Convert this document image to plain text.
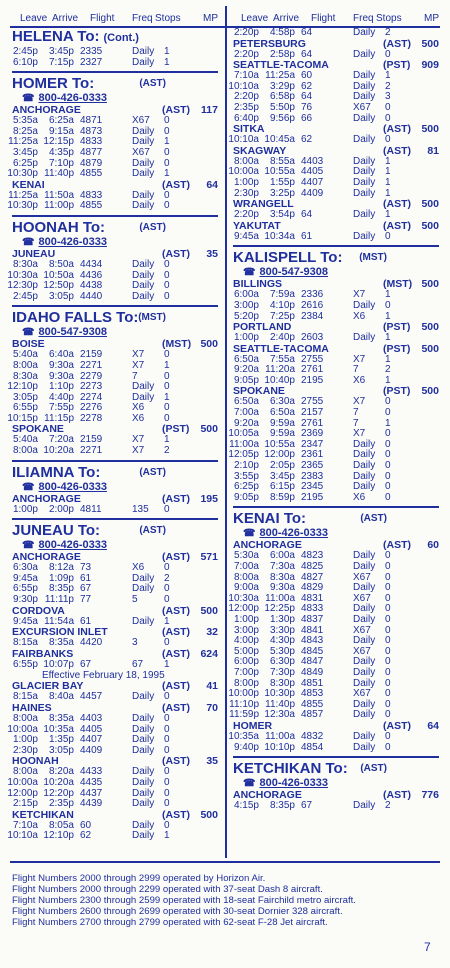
Leave Arrive Flight Freq Stops MP Leave Arrive Flight Freq Stops MP
HELENA To: (Cont.)
2:45p 3:45p 2335	Daily 1
6:10p 7:15p 2327	Daily 1
HOMER To:	(AST)
☎ 800-426-0333
ANCHORAGE	(AST) 117
5:35a 6:25a 4871	X67 0
8:25a 9:15a 4873	Daily 0
11:25a 12:15p 4833	Daily 1
3:45p 4:35p 4877	X67 0
6:25p 7:10p 4879	Daily 0
10:30p 11:40p 4855	Daily 1
KENAI	(AST) 64
11:25a 11:50a 4833	Daily 0
10:30p 11:00p 4855	Daily 0
HOONAH To:	(AST)
☎ 800-426-0333
JUNEAU	(AST) 35
8:30a 8:50a 4434	Daily 0
10:30a 10:50a 4436	Daily 0
12:30p 12:50p 4438	Daily 0
2:45p 3:05p 4440	Daily 0
IDAHO FALLS To: (MST)
☎ 800-547-9308
BOISE	(MST) 500
5:40a 6:40a 2159	X7 0
8:00a 9:30a 2271	X7 1
8:30a 9:30a 2279	7	0
12:10p 1:10p 2273	Daily 0
3:05p 4:40p 2274	Daily 1
6:55p 7:55p 2276	X6 0
10:15p 11:15p 2278	X6 0
SPOKANE	(PST) 500
5:40a 7:20a 2159	X7 1
8:00a 10:20a 2271	X7 2
ILIAMNA To:	(AST)
☎ 800-426-0333
ANCHORAGE	(AST) 195
1:00p 2:00p 4811	135 0
JUNEAU To:	(AST)
☎ 800-426-0333
ANCHORAGE	(AST) 571
6:30a 8:12a 73	X6 0
9:45a 1:09p 61	Daily 2
6:55p 8:35p 67	Daily 0
9:30p 11:11p 77	5	0
CORDOVA	(AST) 500
9:45a 11:54a 61	Daily 1
EXCURSION INLET	(AST) 32
8:15a 8:35a 4420	3	0
FAIRBANKS	(AST) 624
6:55p 10:07p 67	67 1
Effective February 18, 1995
GLACIER BAY	(AST) 41
8:15a 8:40a 4457	Daily 0
HAINES	(AST) 70
8:00a 8:35a 4403	Daily 0
10:00a 10:35a 4405	Daily 0
1:00p 1:35p 4407	Daily 0
2:30p 3:05p 4409	Daily 0
HOONAH	(AST) 35
8:00a 8:20a 4433	Daily 0
10:00a 10:20a 4435	Daily 0
12:00p 12:20p 4437	Daily 0
2:15p 2:35p 4439	Daily 0
KETCHIKAN	(AST) 500
7:10a 8:05a 60	Daily 0
10:10a 12:10p 62	Daily 1
2:20p 4:58p 64	Daily 2
PETERSBURG	(AST) 500
2:20p 2:58p 64	Daily 0
SEATTLE-TACOMA	(PST) 909
7:10a 11:25a 60	Daily 1
10:10a 3:29p 62	Daily 2
2:20p 6:58p 64	Daily 3
2:35p 5:50p 76	X67 0
6:40p 9:56p 66	Daily 0
SITKA	(AST) 500
10:10a 10:45a 62	Daily 0
SKAGWAY	(AST) 81
8:00a 8:55a 4403	Daily 1
10:00a 10:55a 4405	Daily 1
1:00p 1:55p 4407	Daily 1
2:30p 3:25p 4409	Daily 1
WRANGELL	(AST) 500
2:20p 3:54p 64	Daily 1
YAKUTAT	(AST) 500
9:45a 10:34a 61	Daily 0
KALISPELL To: (MST)
☎ 800-547-9308
BILLINGS	(MST) 500
6:00a 7:59a 2336	X7 1
3:00p 4:10p 2616	Daily 0
5:20p 7:25p 2384	X6 1
PORTLAND	(PST) 500
1:00p 2:40p 2603	Daily 1
SEATTLE-TACOMA	(PST) 500
6:50a 7:55a 2755	X7 1
9:20a 11:20a 2761	7	2
9:05p 10:40p 2195	X6 1
SPOKANE	(PST) 500
6:50a 6:30a 2755	X7 0
7:00a 6:50a 2157	7	0
9:20a 9:59a 2761	7	1
10:05a 9:59a 2369	X7 0
11:00a 10:55a 2347	Daily 0
12:05p 12:00p 2361	Daily 0
2:10p 2:05p 2365	Daily 0
3:55p 3:45p 2383	Daily 0
6:25p 6:15p 2345	Daily 0
9:05p 8:59p 2195	X6 0
KENAI To:	(AST)
☎ 800-426-0333
ANCHORAGE	(AST) 60
5:30a 6:00a 4823	Daily 0
7:00a 7:30a 4825	Daily 0
8:00a 8:30a 4827	X67 0
9:00a 9:30a 4829	Daily 0
10:30a 11:00a 4831	X67 0
12:00p 12:25p 4833	Daily 0
1:00p 1:30p 4837	Daily 0
3:00p 3:30p 4841	X67 0
4:00p 4:30p 4843	Daily 0
5:00p 5:30p 4845	X67 0
6:00p 6:30p 4847	Daily 0
7:00p 7:30p 4849	Daily 0
8:00p 8:30p 4851	Daily 0
10:00p 10:30p 4853	X67 0
11:10p 11:40p 4855	Daily 0
11:59p 12:30a 4857	Daily 0
HOMER	(AST) 64
10:35a 11:00a 4832	Daily 0
9:40p 10:10p 4854	Daily 0
KETCHIKAN To: (AST)
☎ 800-426-0333
ANCHORAGE	(AST) 776
4:15p 8:35p 67	Daily 2
Flight Numbers 2000 through 2999 operated by Horizon Air.
Flight Numbers 2000 through 2299 operated with 37-seat Dash 8 aircraft.
Flight Numbers 2300 through 2599 operated with 18-seat Fairchild metro aircraft.
Flight Numbers 2600 through 2699 operated with 30-seat Dornier 328 aircraft.
Flight Numbers 2700 through 2799 operated with 62-seat F-28 Jet aircraft.
7
